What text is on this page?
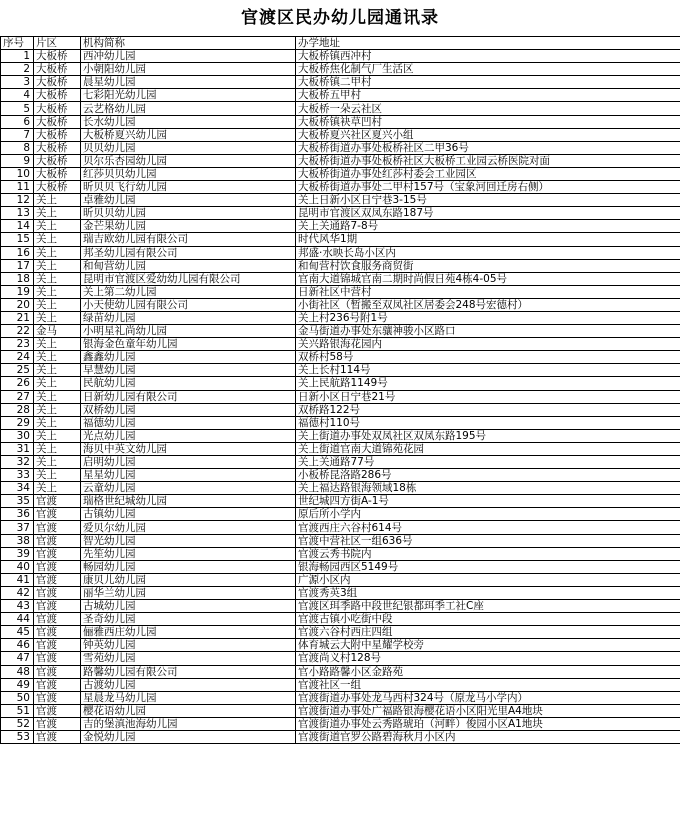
官渡区民办幼儿园通讯录
序号	片区	机构简称	办学地址
1	大板桥	西冲幼儿园	大板桥镇西冲村
2	大板桥	小朝阳幼儿园	大板桥焦化制气厂生活区
3	大板桥	晨星幼儿园	大板桥镇二甲村
4	大板桥	七彩阳光幼儿园	大板桥五甲村
5	大板桥	云艺格幼儿园	大板桥一朵云社区
6	大板桥	长水幼儿园	大板桥镇袂草凹村
7	大板桥	大板桥夏兴幼儿园	大板桥夏兴社区夏兴小组
8	大板桥	贝贝幼儿园	大板桥街道办事处板桥社区二甲36号
9	大板桥	贝尔乐杏园幼儿园	大板桥街道办事处板桥社区大板桥工业园云桥医院对面
10	大板桥	红莎贝贝幼儿园	大板桥街道办事处红莎村委会工业园区
11	大板桥	昕贝贝飞行幼儿园	大板桥街道办事处二甲村157号（宝象河回迁房右侧）
12	关上	卓雅幼儿园	关上日新小区日宁巷3-15号
13	关上	昕贝贝幼儿园	昆明市官渡区双凤东路187号
14	关上	金芒果幼儿园	关上关通路7-8号
15	关上	瑞吉欧幼儿园有限公司	时代风华1期
16	关上	邦圣幼儿园有限公司	邦盛·水映长岛小区内
17	关上	和甸营幼儿园	和甸营村饮食服务商贸街
18	关上	昆明市官渡区爱幼幼儿园有限公司	官南大道锦城官南二期时尚假日苑4栋4-05号
19	关上	关上第二幼儿园	日新社区中营村
20	关上	小天使幼儿园有限公司	小街社区（暂搬至双凤社区居委会248号宏德村）
21	关上	绿苗幼儿园	关上村236号附1号
22	金马	小明星礼尚幼儿园	金马街道办事处东骧神骏小区路口
23	关上	银海金色童年幼儿园	关兴路银海花园内
24	关上	鑫鑫幼儿园	双桥村58号
25	关上	早慧幼儿园	关上长村114号
26	关上	民航幼儿园	关上民航路1149号
27	关上	日新幼儿园有限公司	日新小区日宁巷21号
28	关上	双桥幼儿园	双桥路122号
29	关上	福德幼儿园	福德村110号
30	关上	光点幼儿园	关上街道办事处双凤社区双凤东路195号
31	关上	海贝中英文幼儿园	关上街道官南大道锦苑花园
32	关上	启明幼儿园	关上关通路77号
33	关上	星星幼儿园	小板桥昆洛路286号
34	关上	云童幼儿园	关上福达路银海领域18栋
35	官渡	瑞格世纪城幼儿园	世纪城四方街A-1号
36	官渡	古镇幼儿园	原后所小学内
37	官渡	爱贝尔幼儿园	官渡西庄六谷村614号
38	官渡	智光幼儿园	官渡中营社区一组636号
39	官渡	先笙幼儿园	官渡云秀书院内
40	官渡	畅园幼儿园	银海畅园西区5149号
41	官渡	康贝儿幼儿园	广源小区内
42	官渡	丽华兰幼儿园	官渡秀英3组
43	官渡	古城幼儿园	官渡区珥季路中段世纪银都珥季工社C座
44	官渡	圣奇幼儿园	官渡古镇小吃街中段
45	官渡	俪雅西庄幼儿园	官渡六谷村西庄四组
46	官渡	钟英幼儿园	体育城云大附中星耀学校旁
47	官渡	雪苑幼儿园	官渡尚义村128号
48	官渡	路馨幼儿园有限公司	官小路路馨小区金路苑
49	官渡	古渡幼儿园	官渡社区一组
50	官渡	星晨龙马幼儿园	官渡街道办事处龙马西村324号（原龙马小学内）
51	官渡	樱花语幼儿园	官渡街道办事处广福路银海樱花语小区阳光里A4地块
52	官渡	吉的堡滇池海幼儿园	官渡街道办事处云秀路琥珀（河畔）俊园小区A1地块
53	官渡	金悦幼儿园	官渡街道官罗公路碧海秋月小区内
